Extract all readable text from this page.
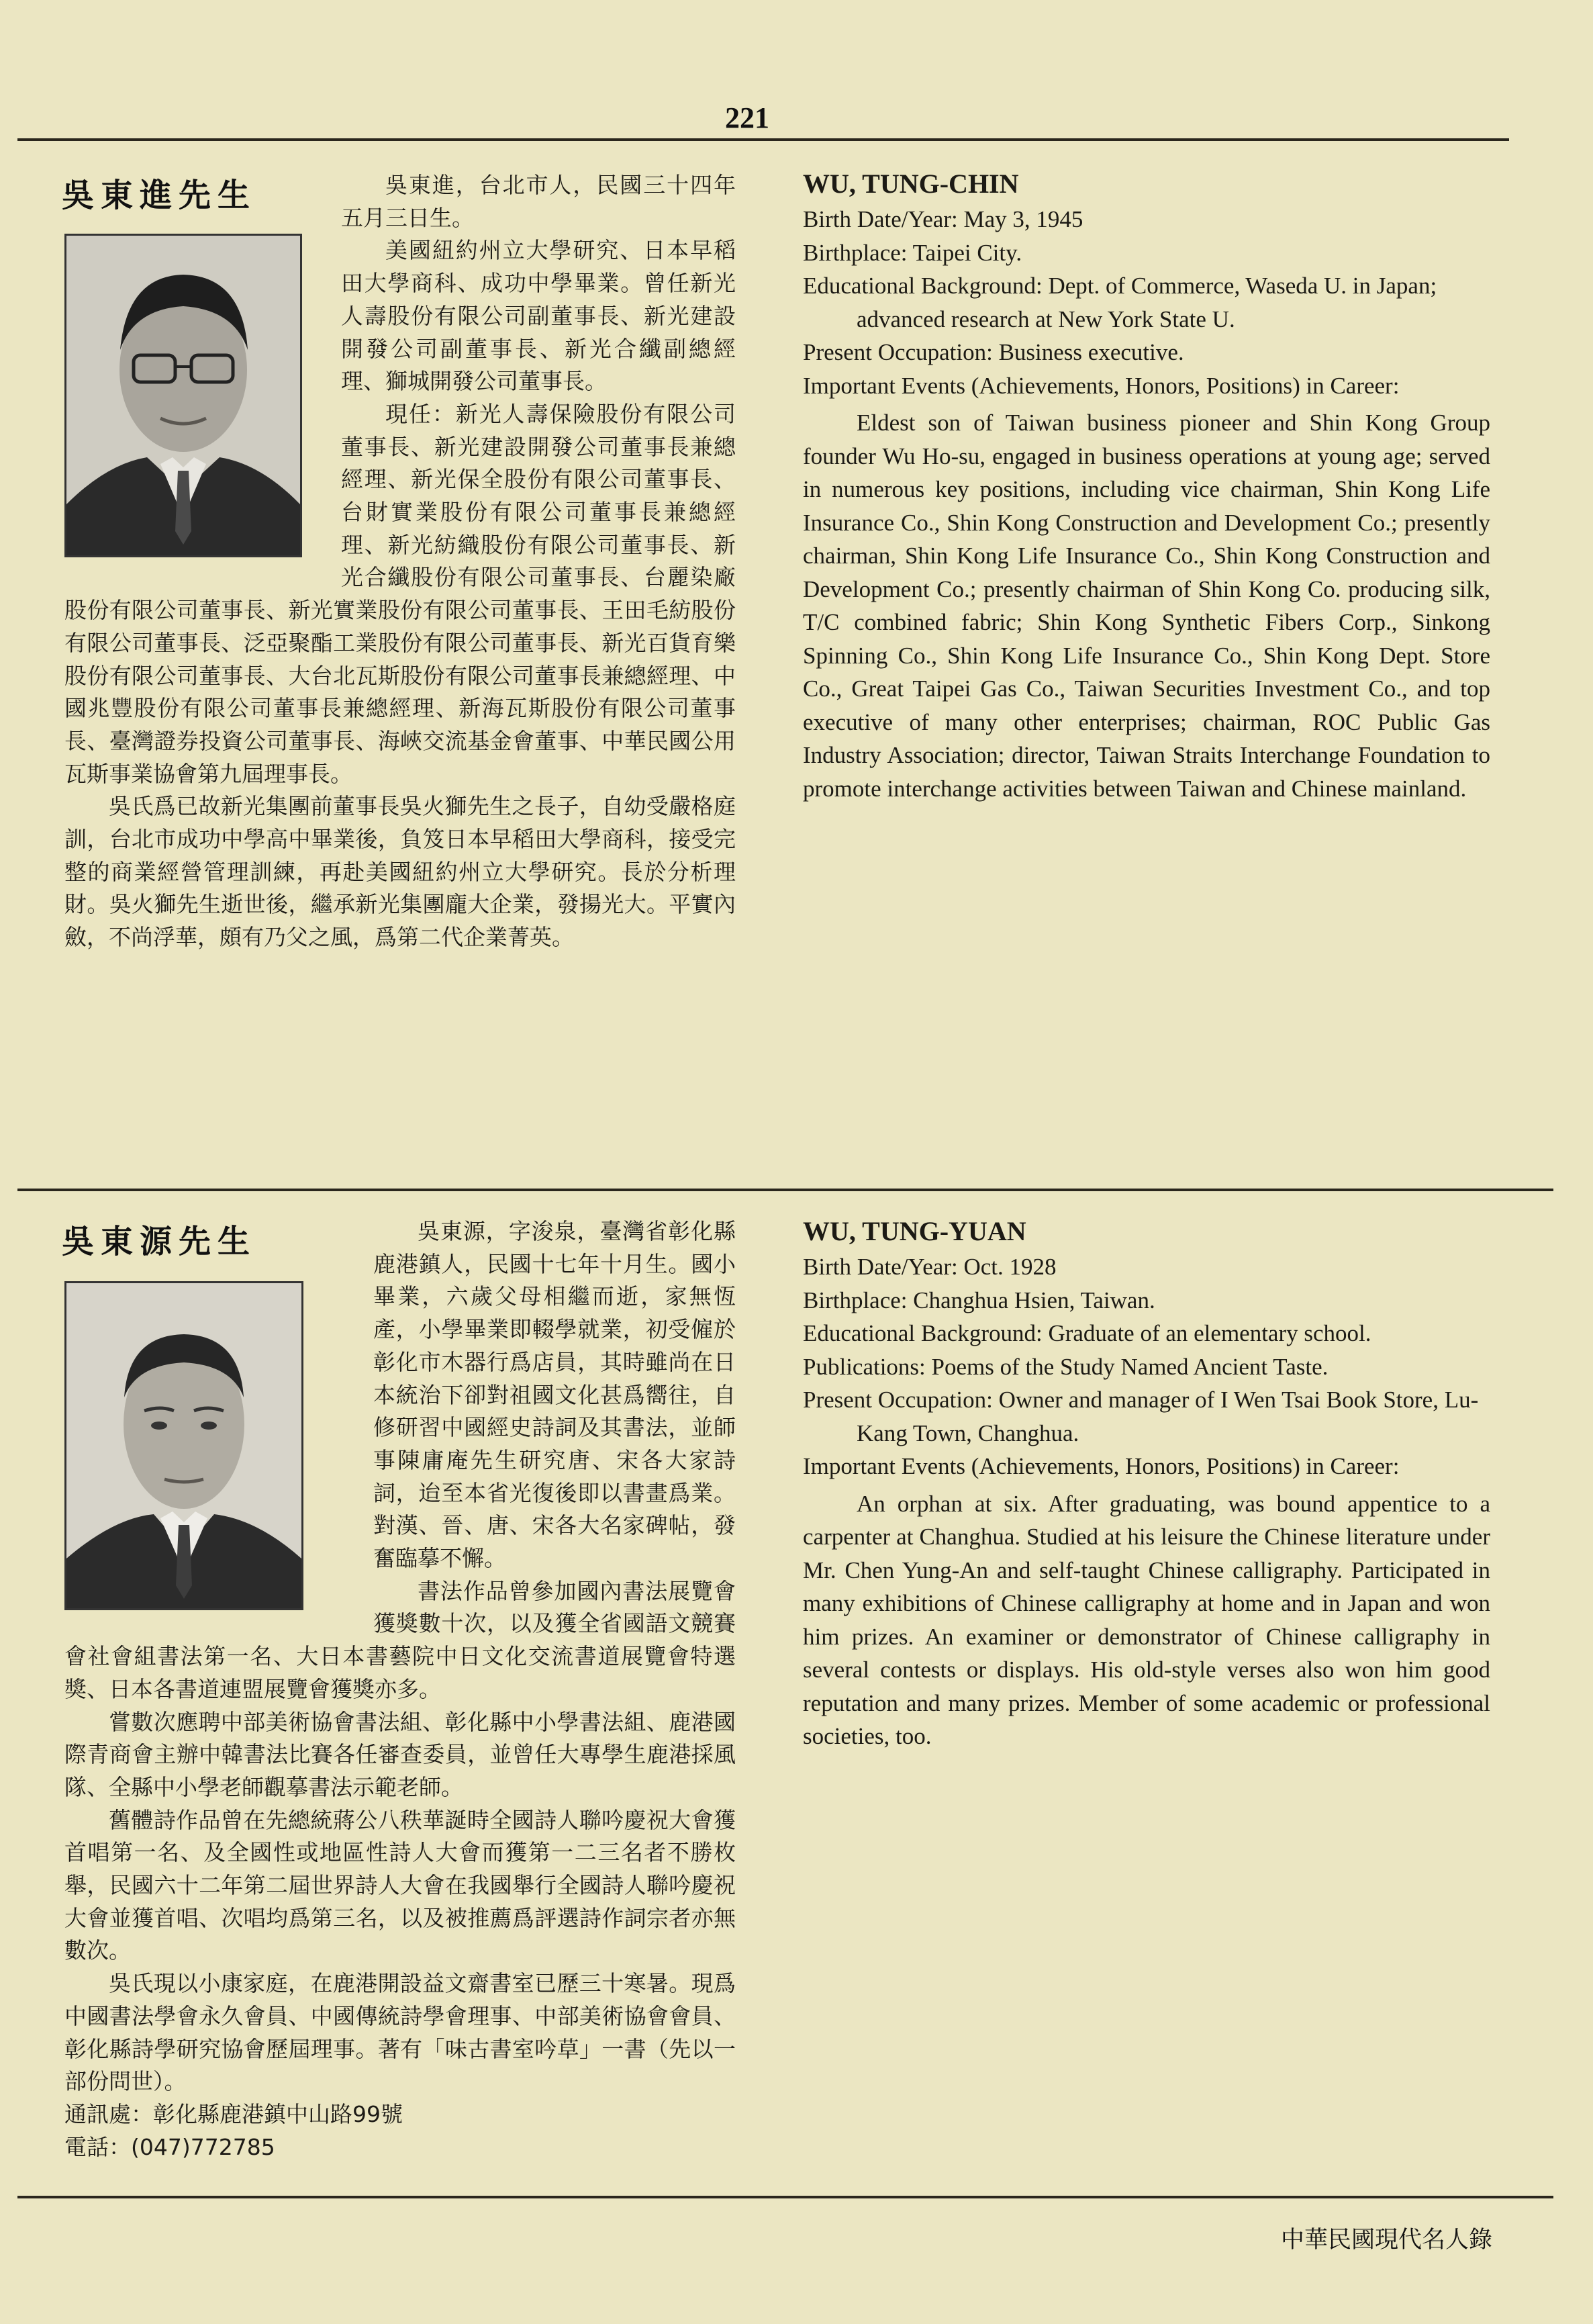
221
吳東進先生	吳東進，台北市人，民國三十四年五月三日生。

美國紐約州立大學研究、日本早稻田大學商科、成功中學畢業。曾任新光人壽股份有限公司副董事長、新光建設開發公司副董事長、新光合纖副總經理、獅城開發公司董事長。

現任：新光人壽保險股份有限公司董事長、新光建設開發公司董事長兼總經理、新光保全股份有限公司董事長、台財實業股份有限公司董事長兼總經理、新光紡織股份有限公司董事長、新光合纖股份有限公司董事長、台麗染廠股份有限公司董事長、新光實業股份有限公司董事長、王田毛紡股份有限公司董事長、泛亞聚酯工業股份有限公司董事長、新光百貨育樂股份有限公司董事長、大台北瓦斯股份有限公司董事長兼總經理、中國兆豐股份有限公司董事長兼總經理、新海瓦斯股份有限公司董事長、臺灣證券投資公司董事長、海峽交流基金會董事、中華民國公用瓦斯事業協會第九屆理事長。

吳氏爲已故新光集團前董事長吳火獅先生之長子，自幼受嚴格庭訓，台北市成功中學高中畢業後，負笈日本早稻田大學商科，接受完整的商業經營管理訓練，再赴美國紐約州立大學研究。長於分析理財。吳火獅先生逝世後，繼承新光集團龐大企業，發揚光大。平實內斂，不尚浮華，頗有乃父之風，爲第二代企業菁英。

WU, TUNG-CHIN

Birth Date/Year: May 3, 1945

Birthplace: Taipei City.

Educational Background: Dept. of Commerce, Waseda U. in Japan; advanced research at New York State U.

Present Occupation: Business executive.

Important Events (Achievements, Honors, Positions) in Career:

Eldest son of Taiwan business pioneer and Shin Kong Group founder Wu Ho-su, engaged in business operations at young age; served in numerous key positions, including vice chairman, Shin Kong Life Insurance Co., Shin Kong Construction and Development Co.; presently chairman, Shin Kong Life Insurance Co., Shin Kong Construction and Development Co.; presently chairman of Shin Kong Co. producing silk, T/C combined fabric; Shin Kong Synthetic Fibers Corp., Sinkong Spinning Co., Shin Kong Life Insurance Co., Shin Kong Dept. Store Co., Great Taipei Gas Co., Taiwan Securities Investment Co., and top executive of many other enterprises; chairman, ROC Public Gas Industry Association; director, Taiwan Straits Interchange Foundation to promote interchange activities between Taiwan and Chinese mainland.

吳東源先生	吳東源，字浚泉，臺灣省彰化縣鹿港鎮人，民國十七年十月生。國小畢業，六歲父母相繼而逝，家無恆產，小學畢業即輟學就業，初受僱於彰化市木器行爲店員，其時雖尚在日本統治下卻對祖國文化甚爲嚮往，自修研習中國經史詩詞及其書法，並師事陳庸庵先生研究唐、宋各大家詩詞，迨至本省光復後即以書畫爲業。對漢、晉、唐、宋各大名家碑帖，發奮臨摹不懈。

書法作品曾參加國內書法展覽會獲獎數十次，以及獲全省國語文競賽會社會組書法第一名、大日本書藝院中日文化交流書道展覽會特選獎、日本各書道連盟展覽會獲獎亦多。

嘗數次應聘中部美術協會書法組、彰化縣中小學書法組、鹿港國際青商會主辦中韓書法比賽各任審查委員，並曾任大專學生鹿港採風隊、全縣中小學老師觀摹書法示範老師。

舊體詩作品曾在先總統蔣公八秩華誕時全國詩人聯吟慶祝大會獲首唱第一名、及全國性或地區性詩人大會而獲第一二三名者不勝枚舉，民國六十二年第二屆世界詩人大會在我國舉行全國詩人聯吟慶祝大會並獲首唱、次唱均爲第三名，以及被推薦爲評選詩作詞宗者亦無數次。

吳氏現以小康家庭，在鹿港開設益文齋書室已歷三十寒暑。現爲中國書法學會永久會員、中國傳統詩學會理事、中部美術協會會員、彰化縣詩學研究協會歷屆理事。著有「味古書室吟草」一書（先以一部份問世）。

通訊處：彰化縣鹿港鎮中山路99號

電話：(047)772785

WU, TUNG-YUAN

Birth Date/Year: Oct. 1928

Birthplace: Changhua Hsien, Taiwan.

Educational Background: Graduate of an elementary school.

Publications: Poems of the Study Named Ancient Taste.

Present Occupation: Owner and manager of I Wen Tsai Book Store, Lu-Kang Town, Changhua.

Important Events (Achievements, Honors, Positions) in Career:

An orphan at six. After graduating, was bound appentice to a carpenter at Changhua. Studied at his leisure the Chinese literature under Mr. Chen Yung-An and self-taught Chinese calligraphy. Participated in many exhibitions of Chinese calligraphy at home and in Japan and won him prizes. An examiner or demonstrator of Chinese calligraphy in several contests or displays. His old-style verses also won him good reputation and many prizes. Member of some academic or professional societies, too.

中華民國現代名人錄
